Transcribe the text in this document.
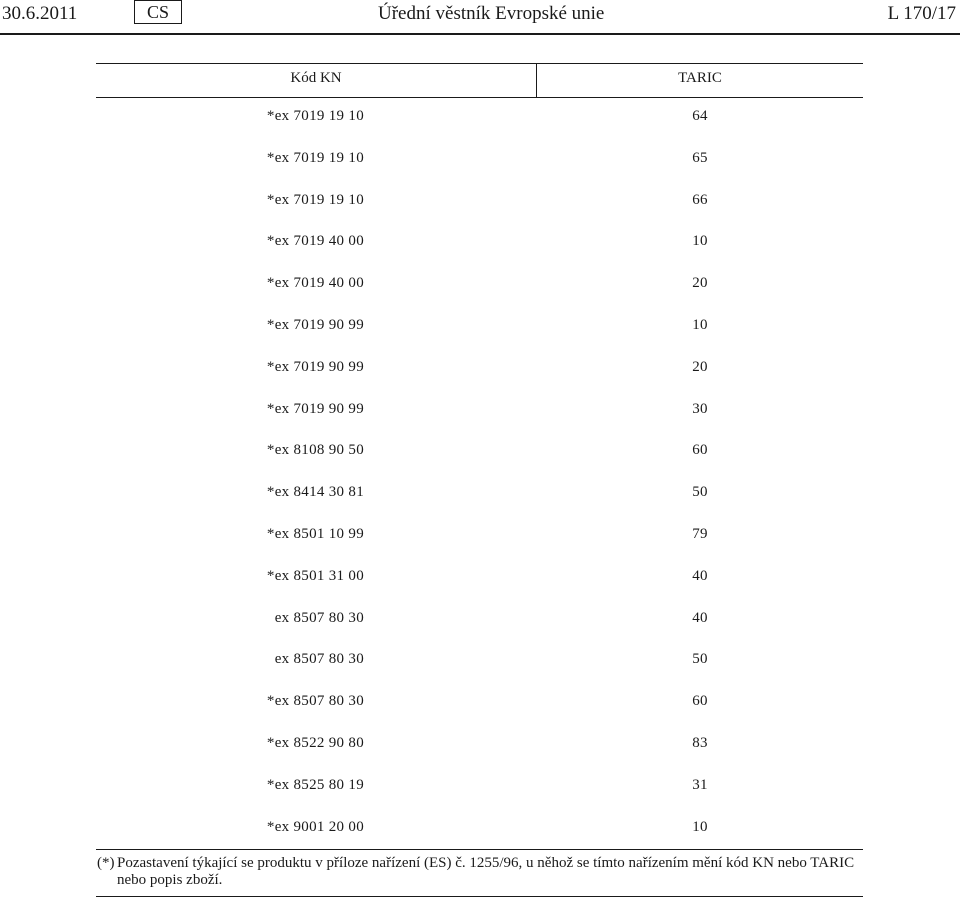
30.6.2011	CS	Úřední věstník Evropské unie	L 170/17
Kód KN	TARIC
*ex 7019 19 10	64
*ex 7019 19 10	65
*ex 7019 19 10	66
*ex 7019 40 00	10
*ex 7019 40 00	20
*ex 7019 90 99	10
*ex 7019 90 99	20
*ex 7019 90 99	30
*ex 8108 90 50	60
*ex 8414 30 81	50
*ex 8501 10 99	79
*ex 8501 31 00	40
ex 8507 80 30	40
ex 8507 80 30	50
*ex 8507 80 30	60
*ex 8522 90 80	83
*ex 8525 80 19	31
*ex 9001 20 00	10
(*) Pozastavení týkající se produktu v příloze nařízení (ES) č. 1255/96, u něhož se tímto nařízením mění kód KN nebo TARIC nebo popis zboží.
